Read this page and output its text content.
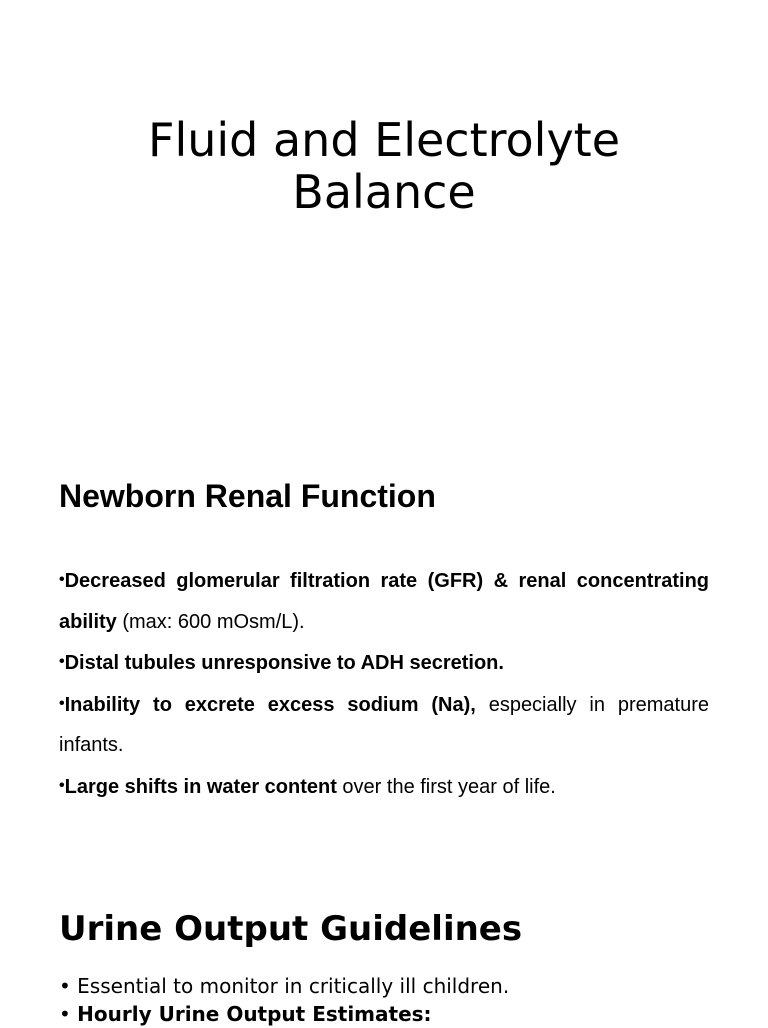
Fluid and Electrolyte
Balance
Newborn Renal Function
•Decreased glomerular filtration rate (GFR) & renal concentrating ability (max: 600 mOsm/L).
•Distal tubules unresponsive to ADH secretion.
•Inability to excrete excess sodium (Na), especially in premature infants.
•Large shifts in water content over the first year of life.
Urine Output Guidelines
• Essential to monitor in critically ill children.
• Hourly Urine Output Estimates:
